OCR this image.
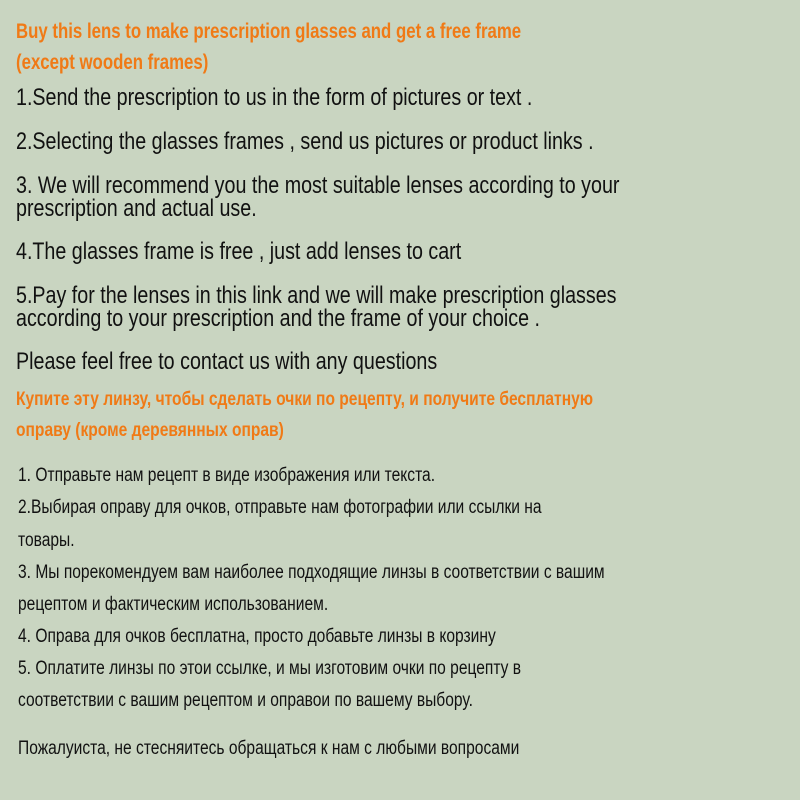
Buy this lens to make prescription glasses and get a free frame

(except wooden frames)

1.Send the prescription to us in the form of pictures or text .

2.Selecting the glasses frames , send us pictures or product links .

3. We will recommend you the most suitable lenses according to your

prescription and actual use.

4.The glasses frame is free , just add lenses to cart

5.Pay for the lenses in this link and we will make prescription glasses

according to your prescription and the frame of your choice .

Please feel free to contact us with any questions

Купите эту линзу, чтобы сделать очки по рецепту, и получите бесплатную

оправу (кроме деревянных оправ)

1. Отправьте нам рецепт в виде изображения или текста.

2.Выбирая оправу для очков, отправьте нам фотографии или ссылки на

товары.

3. Мы порекомендуем вам наиболее подходящие линзы в соответствии с вашим

рецептом и фактическим использованием.

4. Оправа для очков бесплатна, просто добавьте линзы в корзину

5. Оплатите линзы по этои ссылке, и мы изготовим очки по рецепту в

соответствии с вашим рецептом и оправои по вашему выбору.

Пожалуиста, не стесняитесь обращаться к нам с любыми вопросами
